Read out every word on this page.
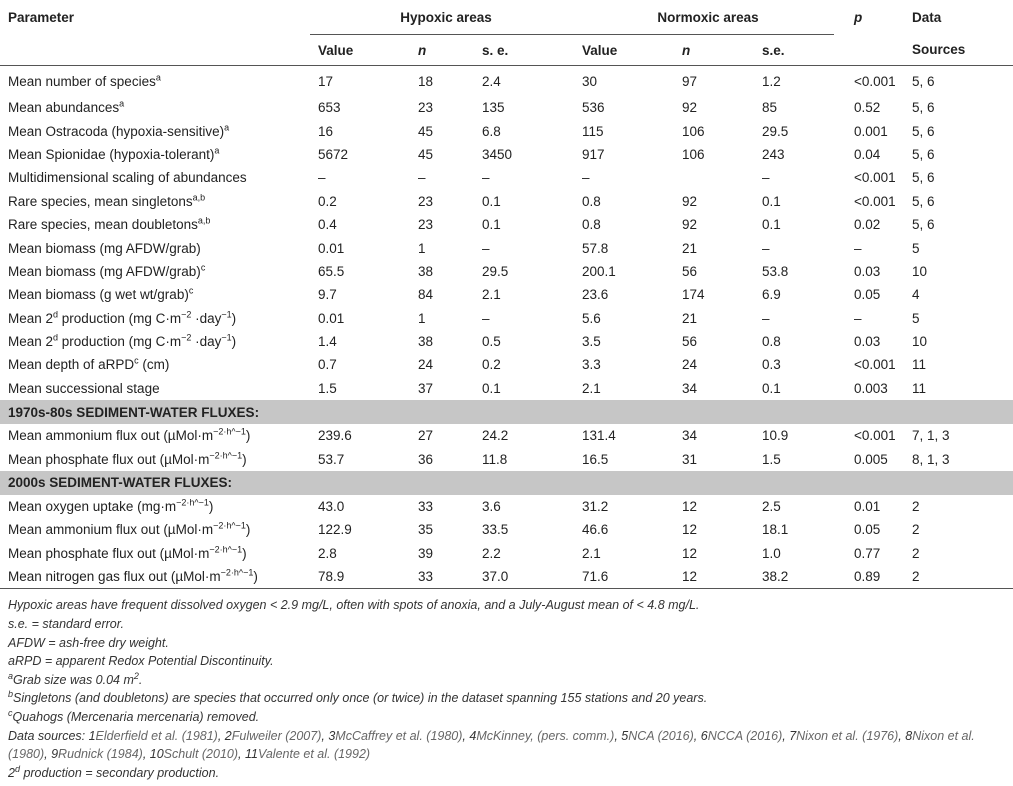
Parameter	Hypoxic areas			Normoxic areas			p	Data
	Value	n	s. e.	Value	n	s.e.		Sources
Mean number of species$^a$	17	18	2.4	30	97	1.2	<0.001	5, 6
Mean abundances$^a$	653	23	135	536	92	85	0.52	5, 6
Mean Ostracoda (hypoxia-sensitive)$^a$	16	45	6.8	115	106	29.5	0.001	5, 6
Mean Spionidae (hypoxia-tolerant)$^a$	5672	45	3450	917	106	243	0.04	5, 6
Multidimensional scaling of abundances	–	–	–	–		–	<0.001	5, 6
Rare species, mean singletons$^{a,b}$	0.2	23	0.1	0.8	92	0.1	<0.001	5, 6
Rare species, mean doubletons$^{a,b}$	0.4	23	0.1	0.8	92	0.1	0.02	5, 6
Mean biomass (mg AFDW/grab)	0.01	1	–	57.8	21	–	–	5
Mean biomass (mg AFDW/grab)$^c$	65.5	38	29.5	200.1	56	53.8	0.03	10
Mean biomass (g wet wt/grab)$^c$	9.7	84	2.1	23.6	174	6.9	0.05	4
Mean 2$^d$ production (mg $C\cdot m^{-2} \cdot day^{-1}$)	0.01	1	–	5.6	21	–	–	5
Mean 2$^d$ production (mg $C\cdot m^{-2} \cdot day^{-1}$)	1.4	38	0.5	3.5	56	0.8	0.03	10
Mean depth of aRPD$^c$ (cm)	0.7	24	0.2	3.3	24	0.3	<0.001	11
Mean successional stage	1.5	37	0.1	2.1	34	0.1	0.003	11
1970s-80s SEDIMENT-WATER FLUXES:								
Mean ammonium flux out $(\mu Mol\cdot m^{-2\cdot h\^{}-1})$	239.6	27	24.2	131.4	34	10.9	<0.001	7, 1, 3
Mean phosphate flux out $(\mu Mol\cdot m^{-2\cdot h\^{}-1})$	53.7	36	11.8	16.5	31	1.5	0.005	8, 1, 3
2000s SEDIMENT-WATER FLUXES:								
Mean oxygen uptake $(mg\cdot m^{-2\cdot h\^{}-1})$	43.0	33	3.6	31.2	12	2.5	0.01	2
Mean ammonium flux out $(\mu Mol\cdot m^{-2\cdot h\^{}-1})$	122.9	35	33.5	46.6	12	18.1	0.05	2
Mean phosphate flux out $(\mu Mol\cdot m^{-2\cdot h\^{}-1})$	2.8	39	2.2	2.1	12	1.0	0.77	2
Mean nitrogen gas flux out $(\mu Mol\cdot m^{-2\cdot h\^{}-1})$	78.9	33	37.0	71.6	12	38.2	0.89	2
Hypoxic areas have frequent dissolved oxygen < 2.9 mg/L, often with spots of anoxia, and a July-August mean of < 4.8 mg/L.
s.e. = standard error.
AFDW = ash-free dry weight.
aRPD = apparent Redox Potential Discontinuity.
$^a$Grab size was 0.04 $m^2$.
$^b$Singletons (and doubletons) are species that occurred only once (or twice) in the dataset spanning 155 stations and 20 years.
$^c$Quahogs (Mercenaria mercenaria) removed.
Data sources: 1Elderfield et al. (1981), 2Fulweiler (2007), 3McCaffrey et al. (1980), 4McKinney, (pers. comm.), 5NCA (2016), 6NCCA (2016), 7Nixon et al. (1976), 8Nixon et al. (1980), 9Rudnick (1984), 10Schult (2010), 11Valente et al. (1992)
2$^d$ production = secondary production.
